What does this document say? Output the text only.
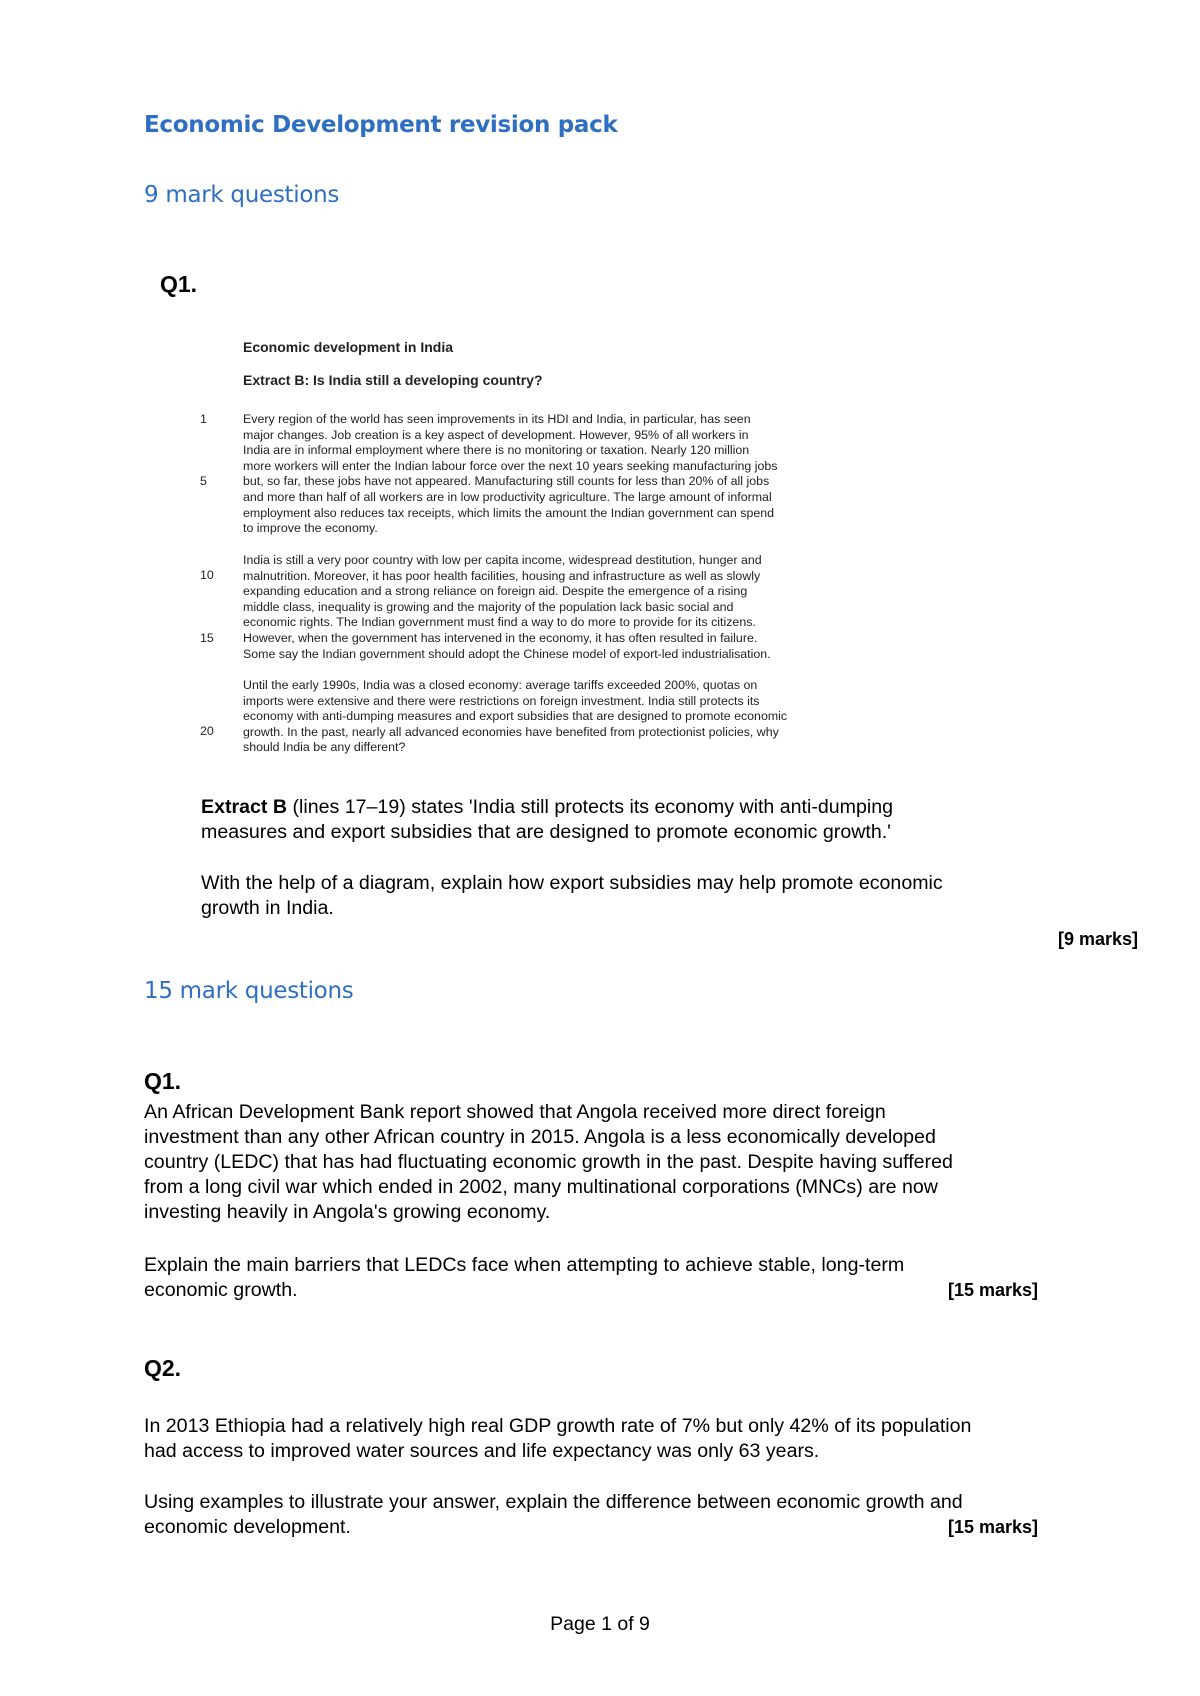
Economic Development revision pack
9 mark questions
Q1.
Economic development in India
Extract B: Is India still a developing country?
1
5
10
15
20
Every region of the world has seen improvements in its HDI and India, in particular, has seen
major changes. Job creation is a key aspect of development. However, 95% of all workers in
India are in informal employment where there is no monitoring or taxation. Nearly 120 million
more workers will enter the Indian labour force over the next 10 years seeking manufacturing jobs
but, so far, these jobs have not appeared. Manufacturing still counts for less than 20% of all jobs
and more than half of all workers are in low productivity agriculture. The large amount of informal
employment also reduces tax receipts, which limits the amount the Indian government can spend
to improve the economy.
India is still a very poor country with low per capita income, widespread destitution, hunger and
malnutrition. Moreover, it has poor health facilities, housing and infrastructure as well as slowly
expanding education and a strong reliance on foreign aid. Despite the emergence of a rising
middle class, inequality is growing and the majority of the population lack basic social and
economic rights. The Indian government must find a way to do more to provide for its citizens.
However, when the government has intervened in the economy, it has often resulted in failure.
Some say the Indian government should adopt the Chinese model of export-led industrialisation.
Until the early 1990s, India was a closed economy: average tariffs exceeded 200%, quotas on
imports were extensive and there were restrictions on foreign investment. India still protects its
economy with anti-dumping measures and export subsidies that are designed to promote economic
growth. In the past, nearly all advanced economies have benefited from protectionist policies, why
should India be any different?
Extract B (lines 17–19) states 'India still protects its economy with anti-dumping
measures and export subsidies that are designed to promote economic growth.'
With the help of a diagram, explain how export subsidies may help promote economic
growth in India.
[9 marks]
15 mark questions
Q1.
An African Development Bank report showed that Angola received more direct foreign
investment than any other African country in 2015. Angola is a less economically developed
country (LEDC) that has had fluctuating economic growth in the past. Despite having suffered
from a long civil war which ended in 2002, many multinational corporations (MNCs) are now
investing heavily in Angola's growing economy.
Explain the main barriers that LEDCs face when attempting to achieve stable, long-term
economic growth.	[15 marks]
Q2.
In 2013 Ethiopia had a relatively high real GDP growth rate of 7% but only 42% of its population
had access to improved water sources and life expectancy was only 63 years.
Using examples to illustrate your answer, explain the difference between economic growth and
economic development.	[15 marks]
Page 1 of 9
